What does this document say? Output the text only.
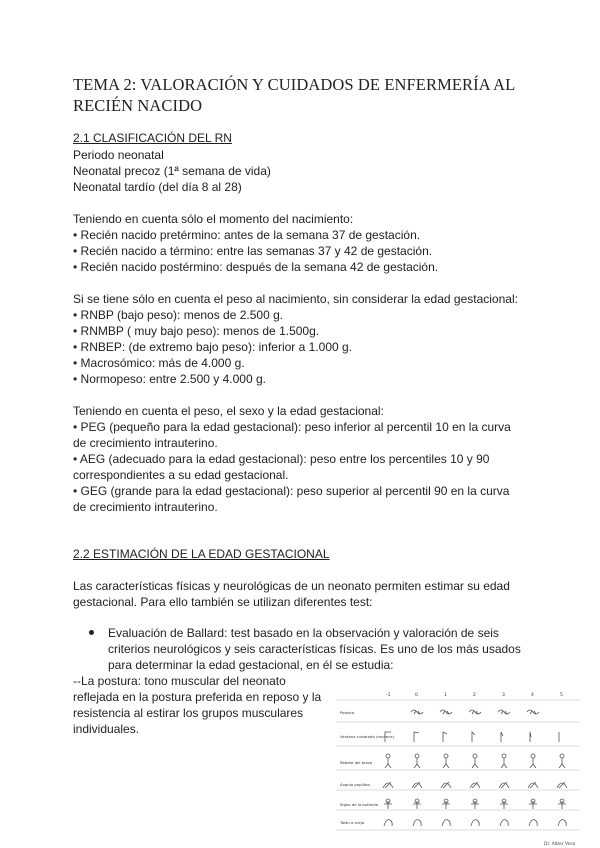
TEMA 2: VALORACIÓN Y CUIDADOS DE ENFERMERÍA AL
RECIÉN NACIDO
2.1 CLASIFICACIÓN DEL RN
Periodo neonatal
Neonatal precoz (1ª semana de vida)
Neonatal tardío (del día 8 al 28)
Teniendo en cuenta sólo el momento del nacimiento:
• Recién nacido pretérmino: antes de la semana 37 de gestación.
• Recién nacido a término: entre las semanas 37 y 42 de gestación.
• Recién nacido postérmino: después de la semana 42 de gestación.
Si se tiene sólo en cuenta el peso al nacimiento, sin considerar la edad gestacional:
• RNBP (bajo peso): menos de 2.500 g.
• RNMBP ( muy bajo peso): menos de 1.500g.
• RNBEP: (de extremo bajo peso): inferior a 1.000 g.
• Macrosómico: más de 4.000 g.
• Normopeso: entre 2.500 y 4.000 g.
Teniendo en cuenta el peso, el sexo y la edad gestacional:
• PEG (pequeño para la edad gestacional): peso inferior al percentil 10 en la curva
de crecimiento intrauterino.
• AEG (adecuado para la edad gestacional): peso entre los percentiles 10 y 90
correspondientes a su edad gestacional.
• GEG (grande para la edad gestacional): peso superior al percentil 90 en la curva
de crecimiento intrauterino.
2.2 ESTIMACIÓN DE LA EDAD GESTACIONAL
Las características físicas y neurológicas de un neonato permiten estimar su edad
gestacional. Para ello también se utilizan diferentes test:
Evaluación de Ballard: test basado en la observación y valoración de seis
criterios neurológicos y seis características físicas. Es uno de los más usados
para determinar la edad gestacional, en él se estudia:
--La postura: tono muscular del neonato
reflejada en la postura preferida en reposo y la
resistencia al estirar los grupos musculares
individuales.
-1	0	1	2	3	4	5
Postura
Ventana cuadrada (muñeca)
Rebote del brazo
Ángulo poplíteo
Signo de la bufanda
Talón a oreja
Dr. Alber Vera
